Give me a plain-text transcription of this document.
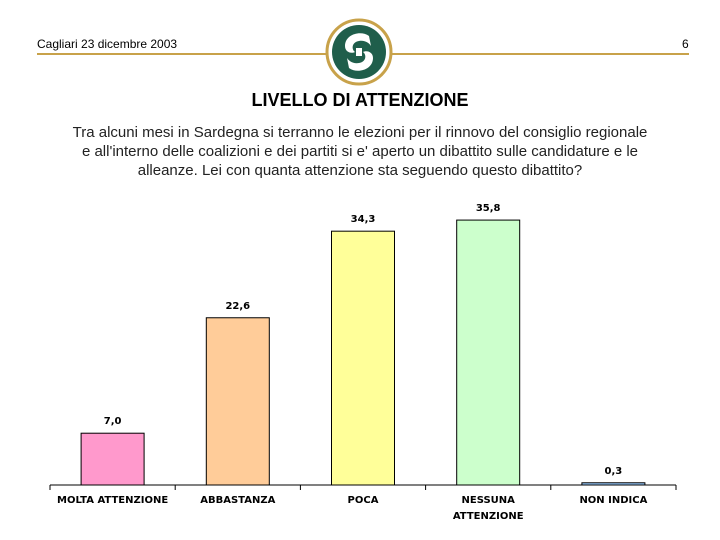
Cagliari 23 dicembre 2003	6
LIVELLO DI ATTENZIONE
Tra alcuni mesi in Sardegna si terranno le elezioni per il rinnovo del consiglio regionale
e all'interno delle coalizioni e dei partiti si e' aperto un dibattito sulle candidature e le
alleanze. Lei con quanta attenzione sta seguendo questo dibattito?
7,0
MOLTA ATTENZIONE
22,6
ABBASTANZA
34,3
POCA
35,8
NESSUNA
ATTENZIONE
0,3
NON INDICA
